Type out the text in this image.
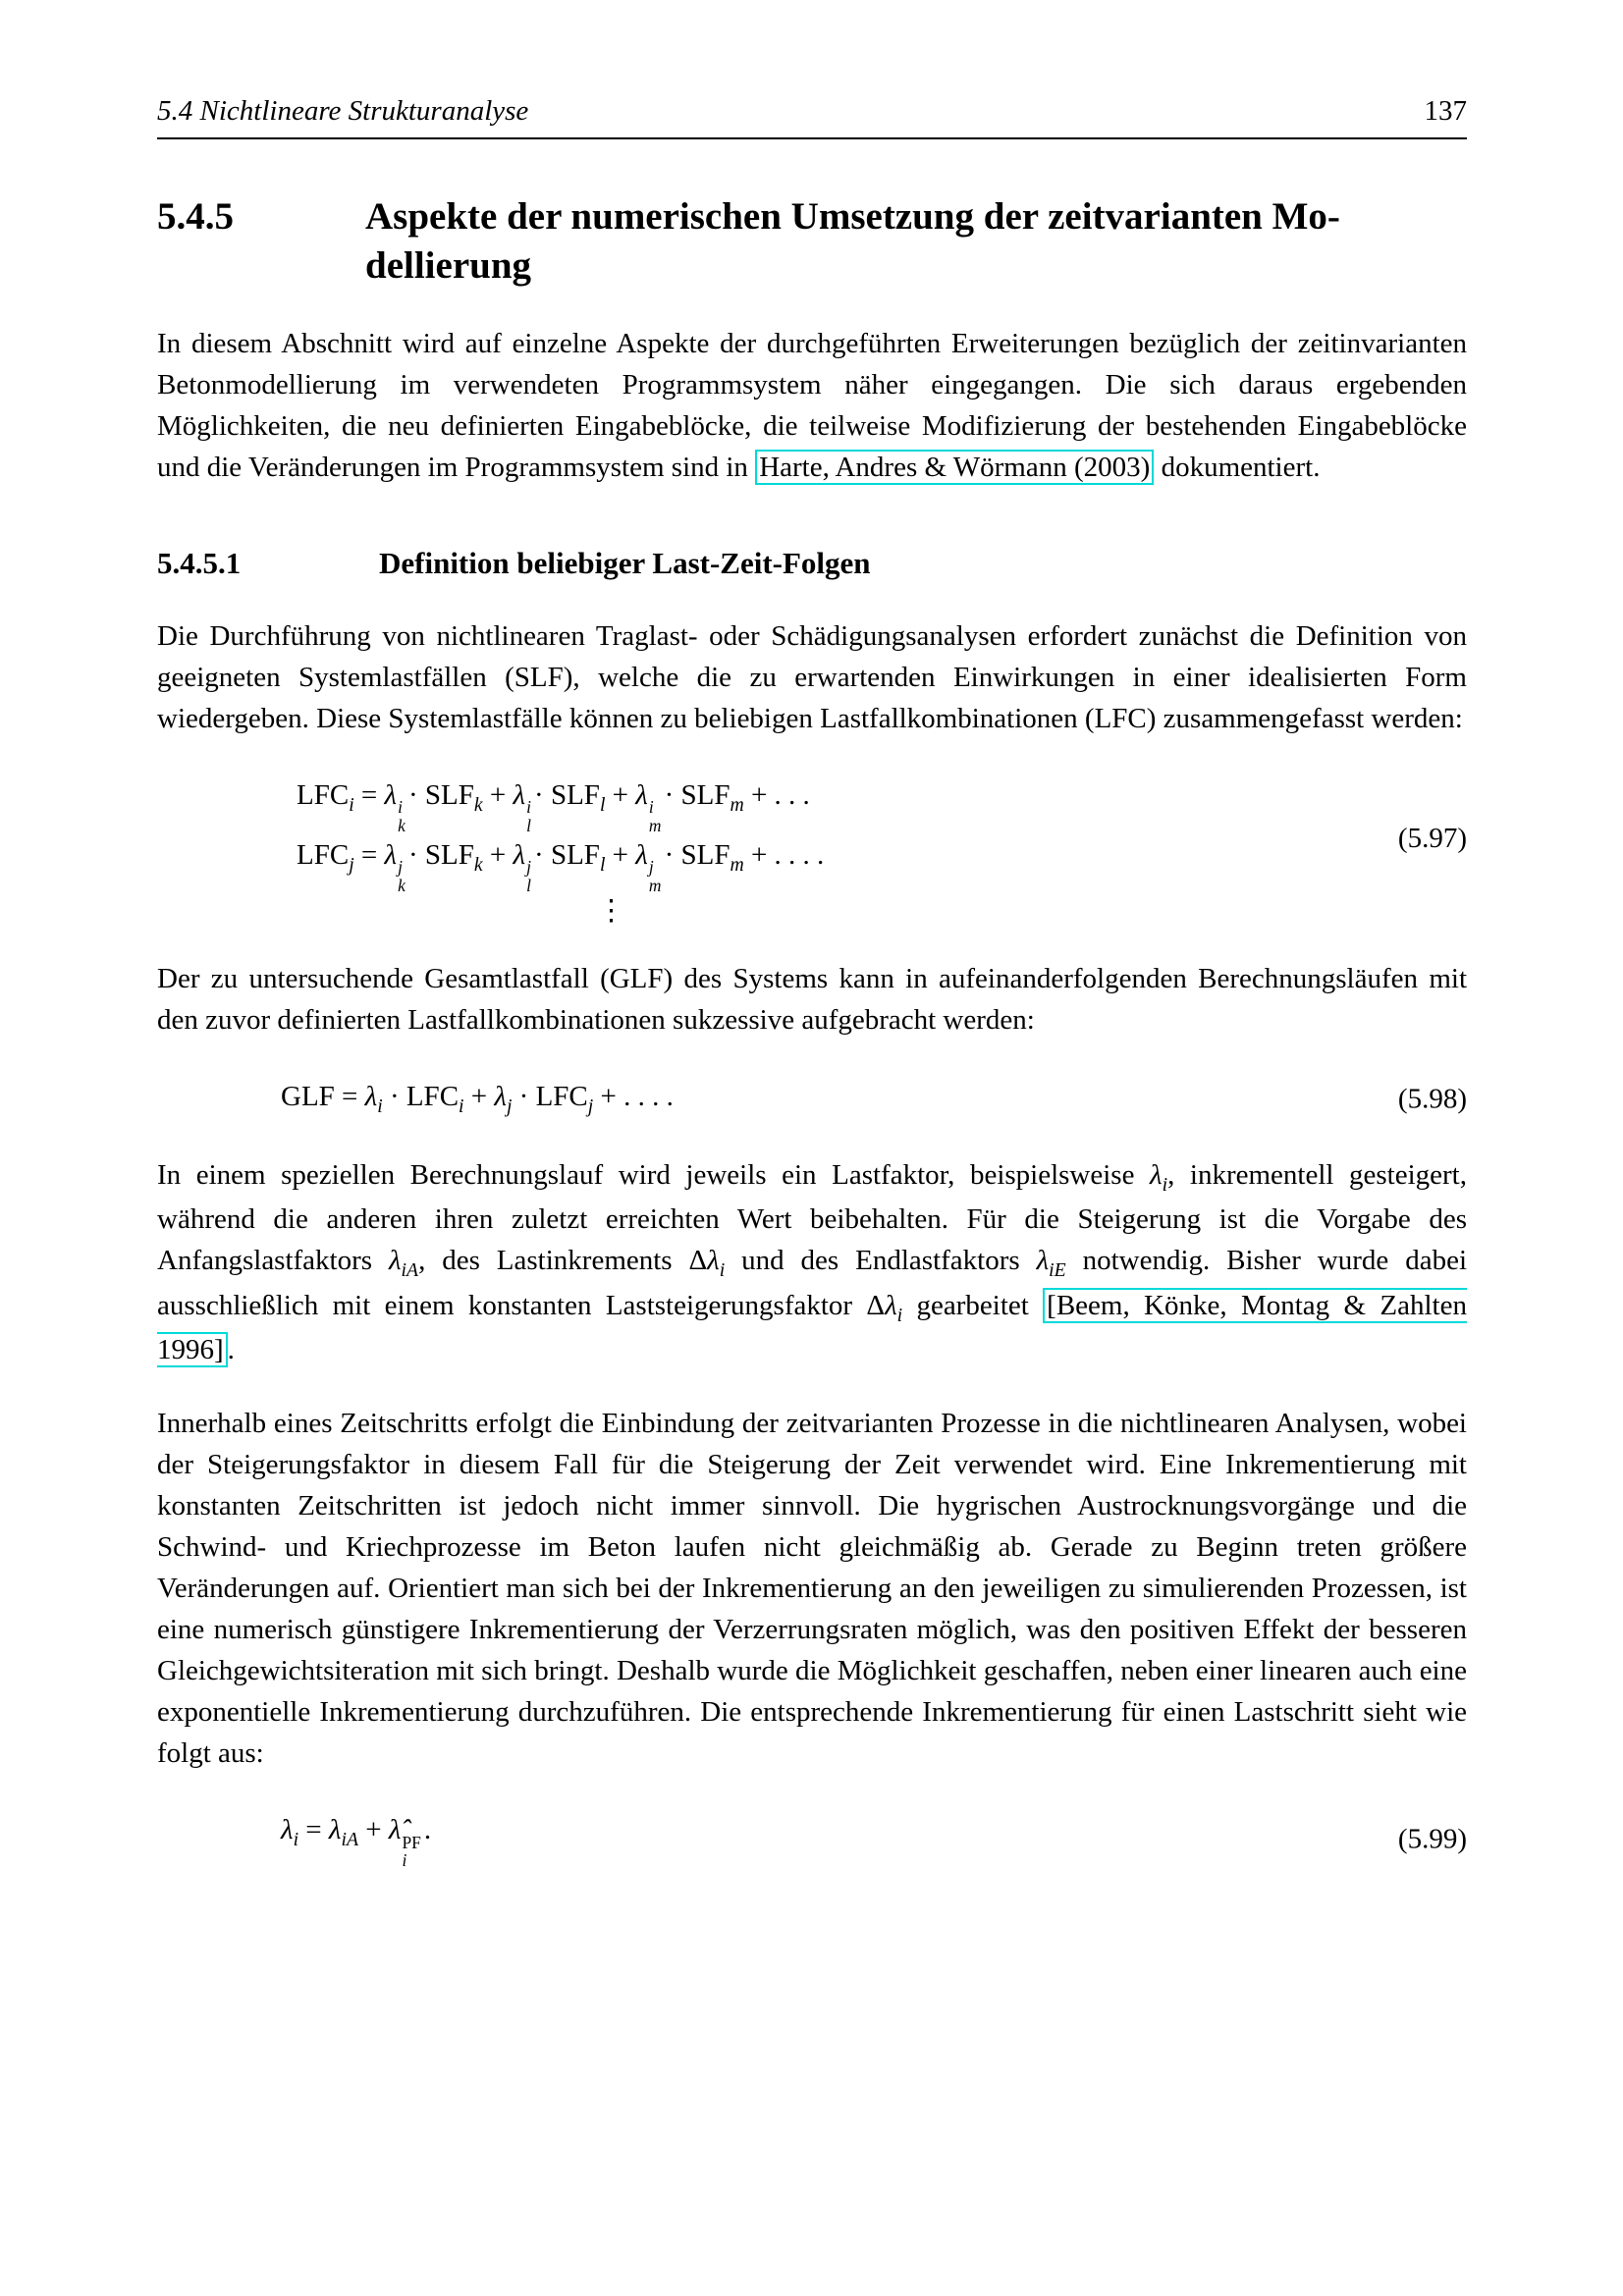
5.4 Nichtlineare Strukturanalyse	137
5.4.5	Aspekte der numerischen Umsetzung der zeitvarianten Mo-
dellierung

In diesem Abschnitt wird auf einzelne Aspekte der durchgeführten Erweiterungen bezüglich der zeitinvarianten Betonmodellierung im verwendeten Programmsystem näher eingegangen. Die sich daraus ergebenden Möglichkeiten, die neu definierten Eingabeblöcke, die teilweise Modifizierung der bestehenden Eingabeblöcke und die Veränderungen im Programmsystem sind in Harte, Andres & Wörmann (2003) dokumentiert.

5.4.5.1	Definition beliebiger Last-Zeit-Folgen

Die Durchführung von nichtlinearen Traglast- oder Schädigungsanalysen erfordert zunächst die Definition von geeigneten Systemlastfällen (SLF), welche die zu erwartenden Einwirkungen in einer idealisierten Form wiedergeben. Diese Systemlastfälle können zu beliebigen Lastfallkombinationen (LFC) zusammengefasst werden:

$LFC_i = \lambda$ i
k
· $SLF_k + \lambda$ i
l
· $SLF_l + \lambda$ i
m
· $SLF_m$ + . . .
$LFC_j = \lambda$ j
k
· $SLF_k + \lambda$ j
l
· $SLF_l + \lambda$ j
m
· $SLF_m$ + . . . .
⋮
(5.97)

Der zu untersuchende Gesamtlastfall (GLF) des Systems kann in aufeinanderfolgenden Berechnungsläufen mit den zuvor definierten Lastfallkombinationen sukzessive aufgebracht werden:

GLF = $\lambda_i \cdot LFC_i + \lambda_j \cdot LFC_j$ + . . . .	(5.98)

In einem speziellen Berechnungslauf wird jeweils ein Lastfaktor, beispielsweise $\lambda_i$, inkrementell gesteigert, während die anderen ihren zuletzt erreichten Wert beibehalten. Für die Steigerung ist die Vorgabe des Anfangslastfaktors $\lambda_{iA}$, des Lastinkrements $\Delta\lambda_i$ und des Endlastfaktors $\lambda_{iE}$ notwendig. Bisher wurde dabei ausschließlich mit einem konstanten Laststeigerungsfaktor $\Delta\lambda_i$ gearbeitet [Beem, Könke, Montag & Zahlten 1996] .

Innerhalb eines Zeitschritts erfolgt die Einbindung der zeitvarianten Prozesse in die nichtlinearen Analysen, wobei der Steigerungsfaktor in diesem Fall für die Steigerung der Zeit verwendet wird. Eine Inkrementierung mit konstanten Zeitschritten ist jedoch nicht immer sinnvoll. Die hygrischen Austrocknungsvorgänge und die Schwind- und Kriechprozesse im Beton laufen nicht gleichmäßig ab. Gerade zu Beginn treten größere Veränderungen auf. Orientiert man sich bei der Inkrementierung an den jeweiligen zu simulierenden Prozessen, ist eine numerisch günstigere Inkrementierung der Verzerrungsraten möglich, was den positiven Effekt der besseren Gleichgewichtsiteration mit sich bringt. Deshalb wurde die Möglichkeit geschaffen, neben einer linearen auch eine exponentielle Inkrementierung durchzuführen. Die entsprechende Inkrementierung für einen Lastschritt sieht wie folgt aus:

$\lambda_i = \lambda_{iA}$ + λ̂ PF
i
.	(5.99)
